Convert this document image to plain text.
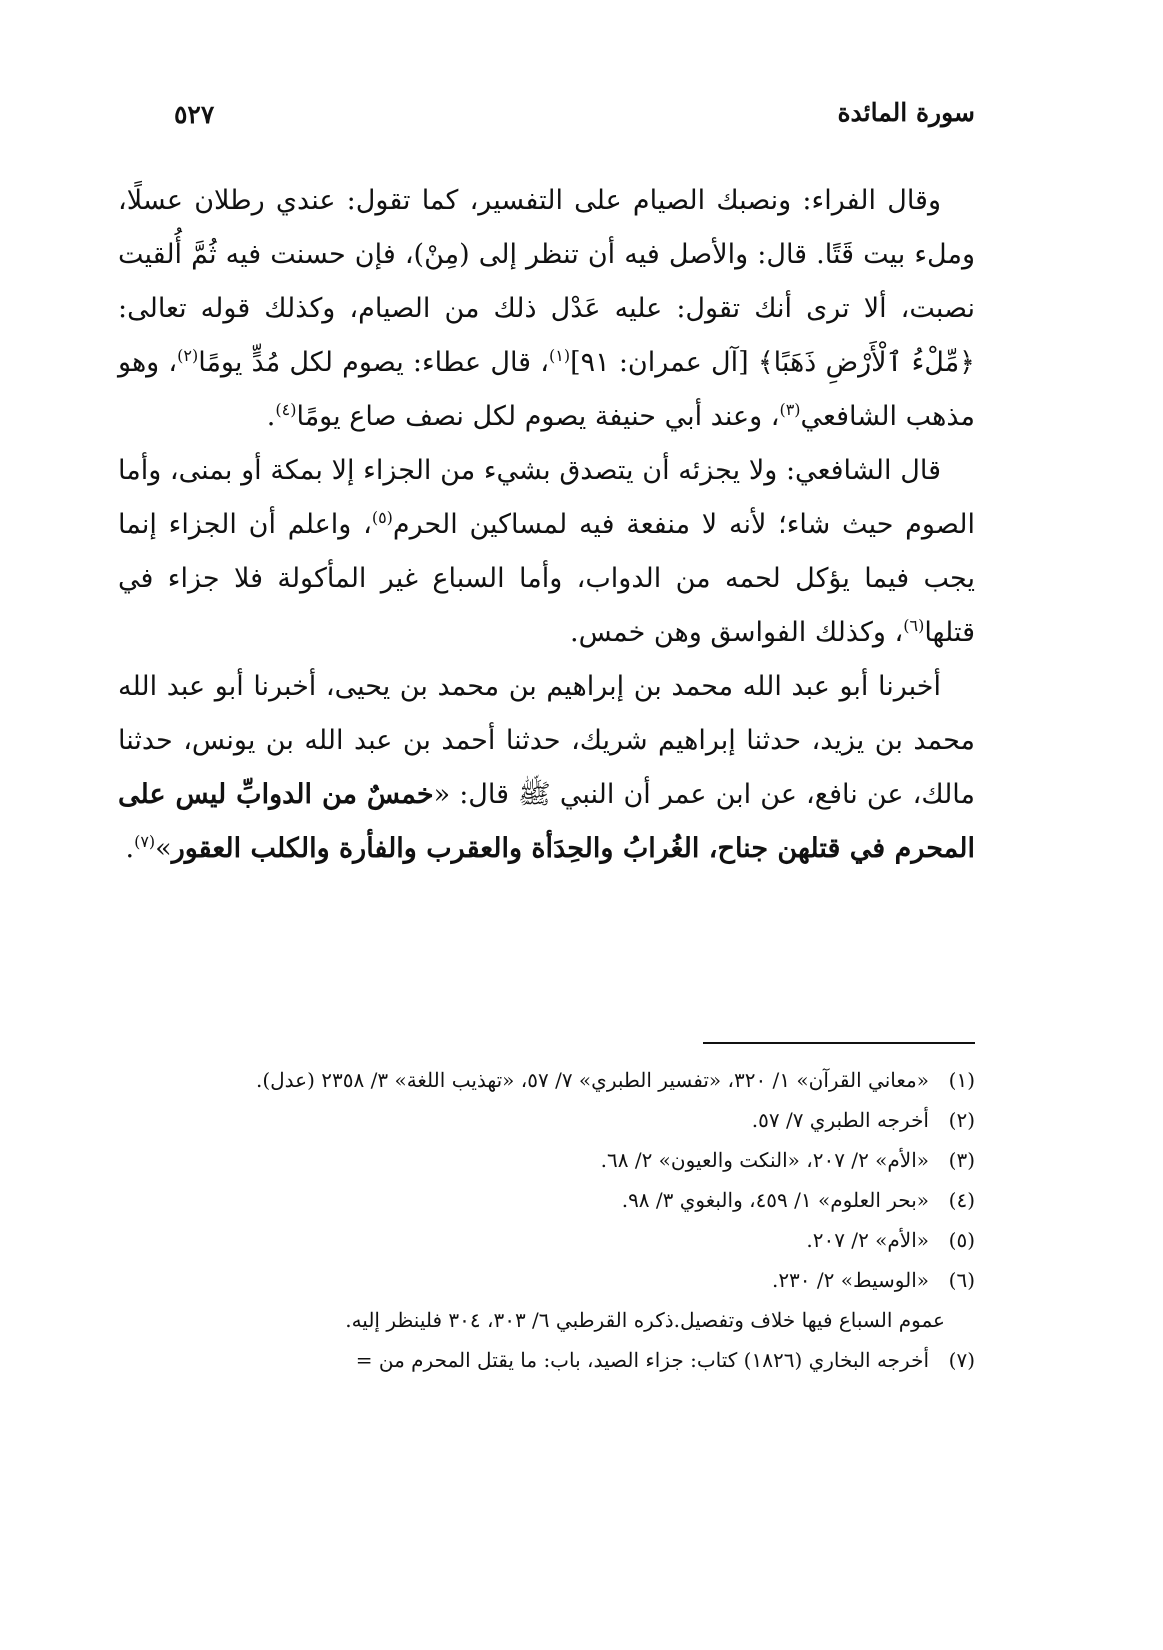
سورة المائدة
٥٢٧

وقال الفراء: ونصبك الصيام على التفسير، كما تقول: عندي رطلان عسلًا، وملء بيت قَتًا. قال: والأصل فيه أن تنظر إلى (مِنْ)، فإن حسنت فيه ثُمَّ أُلقيت نصبت، ألا ترى أنك تقول: عليه عَدْل ذلك من الصيام، وكذلك قوله تعالى: ﴿مِّلْءُ ٱلْأَرْضِ ذَهَبًا﴾ [آل عمران: ٩١]$^{(١)}$، قال عطاء: يصوم لكل مُدٍّ يومًا$^{(٢)}$، وهو مذهب الشافعي$^{(٣)}$، وعند أبي حنيفة يصوم لكل نصف صاع يومًا$^{(٤)}$.

قال الشافعي: ولا يجزئه أن يتصدق بشيء من الجزاء إلا بمكة أو بمنى، وأما الصوم حيث شاء؛ لأنه لا منفعة فيه لمساكين الحرم$^{(٥)}$، واعلم أن الجزاء إنما يجب فيما يؤكل لحمه من الدواب، وأما السباع غير المأكولة فلا جزاء في قتلها$^{(٦)}$، وكذلك الفواسق وهن خمس.

أخبرنا أبو عبد الله محمد بن إبراهيم بن محمد بن يحيى، أخبرنا أبو عبد الله محمد بن يزيد، حدثنا إبراهيم شريك، حدثنا أحمد بن عبد الله بن يونس، حدثنا مالك، عن نافع، عن ابن عمر أن النبي ﷺ قال: «خمسٌ من الدوابِّ ليس على المحرم في قتلهن جناح، الغُرابُ والحِدَأة والعقرب والفأرة والكلب العقور»$^{(٧)}$.

(١)
«معاني القرآن» ١/ ٣٢٠، «تفسير الطبري» ٧/ ٥٧، «تهذيب اللغة» ٣/ ٢٣٥٨ (عدل).

(٢)
أخرجه الطبري ٧/ ٥٧.

(٣)
«الأم» ٢/ ٢٠٧، «النكت والعيون» ٢/ ٦٨.

(٤)
«بحر العلوم» ١/ ٤٥٩، والبغوي ٣/ ٩٨.

(٥)
«الأم» ٢/ ٢٠٧.

(٦)
«الوسيط» ٢/ ٢٣٠.

عموم السباع فيها خلاف وتفصيل.ذكره القرطبي ٦/ ٣٠٣، ٣٠٤ فلينظر إليه.

(٧)
أخرجه البخاري (١٨٢٦) كتاب: جزاء الصيد، باب: ما يقتل المحرم من =
